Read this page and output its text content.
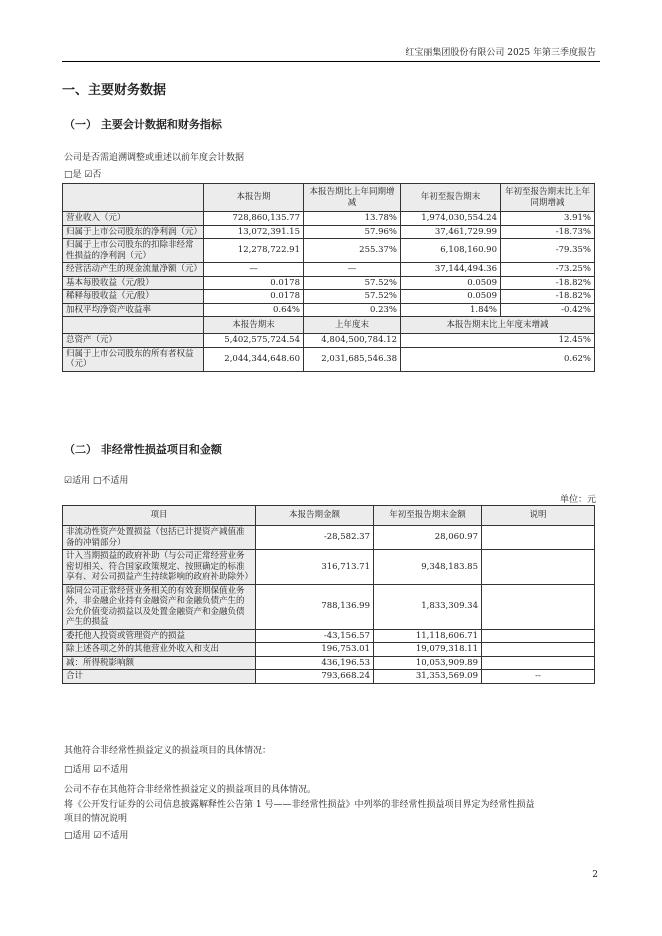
红宝丽集团股份有限公司 2025 年第三季度报告
一、主要财务数据
（一） 主要会计数据和财务指标
公司是否需追溯调整或重述以前年度会计数据
□是 ☑否
	本报告期	本报告期比上年同期增减	年初至报告期末	年初至报告期末比上年同期增减
营业收入（元）	728,860,135.77	13.78%	1,974,030,554.24	3.91%
归属于上市公司股东的净利润（元）	13,072,391.15	57.96%	37,461,729.99	-18.73%
归属于上市公司股东的扣除非经常性损益的净利润（元）	12,278,722.91	255.37%	6,108,160.90	-79.35%
经营活动产生的现金流量净额（元）	—	—	37,144,494.36	-73.25%
基本每股收益（元/股）	0.0178	57.52%	0.0509	-18.82%
稀释每股收益（元/股）	0.0178	57.52%	0.0509	-18.82%
加权平均净资产收益率	0.64%	0.23%	1.84%	-0.42%
	本报告期末	上年度末	本报告期末比上年度末增减	
总资产（元）	5,402,575,724.54	4,804,500,784.12	12.45%	
归属于上市公司股东的所有者权益（元）	2,044,344,648.60	2,031,685,546.38	0.62%	
（二） 非经常性损益项目和金额
☑适用 □不适用
单位：元
项目	本报告期金额	年初至报告期末金额	说明
非流动性资产处置损益（包括已计提资产减值准备的冲销部分）	-28,582.37	28,060.97	
计入当期损益的政府补助（与公司正常经营业务密切相关、符合国家政策规定、按照确定的标准享有、对公司损益产生持续影响的政府补助除外）	316,713.71	9,348,183.85	
除同公司正常经营业务相关的有效套期保值业务外，非金融企业持有金融资产和金融负债产生的公允价值变动损益以及处置金融资产和金融负债产生的损益	788,136.99	1,833,309.34	
委托他人投资或管理资产的损益	-43,156.57	11,118,606.71	
除上述各项之外的其他营业外收入和支出	196,753.01	19,079,318.11	
减：所得税影响额	436,196.53	10,053,909.89	
合计	793,668.24	31,353,569.09	--
其他符合非经常性损益定义的损益项目的具体情况：
□适用 ☑不适用
公司不存在其他符合非经常性损益定义的损益项目的具体情况。
将《公开发行证券的公司信息披露解释性公告第 1 号——非经常性损益》中列举的非经常性损益项目界定为经常性损益
项目的情况说明
□适用 ☑不适用
2
